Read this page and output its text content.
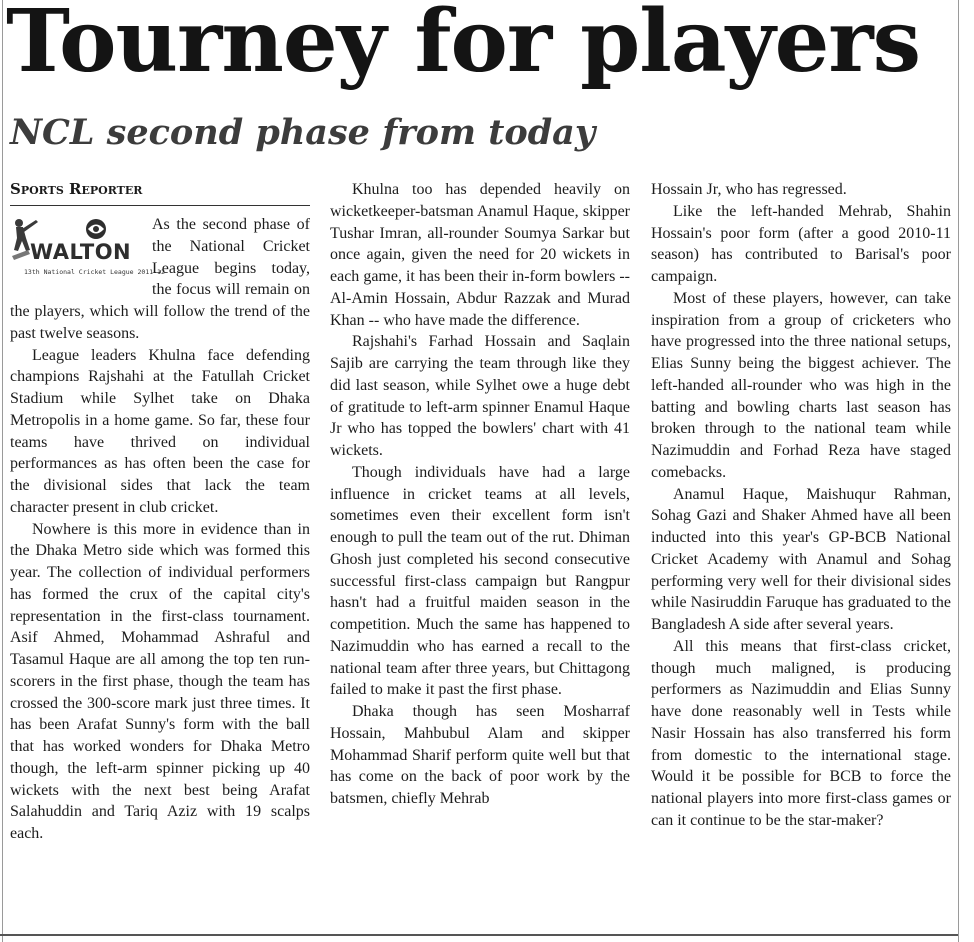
Tourney for players
NCL second phase from today
Sports Reporter
WALTON
13th National Cricket League 2011-12

As the second phase of the National Cricket League begins today, the focus will remain on the players, which will follow the trend of the past twelve seasons.

League leaders Khulna face defending champions Rajshahi at the Fatullah Cricket Stadium while Sylhet take on Dhaka Metropolis in a home game. So far, these four teams have thrived on individual performances as has often been the case for the divisional sides that lack the team character present in club cricket.

Nowhere is this more in evidence than in the Dhaka Metro side which was formed this year. The collection of individual performers has formed the crux of the capital city's representation in the first-class tournament. Asif Ahmed, Mohammad Ashraful and Tasamul Haque are all among the top ten run-scorers in the first phase, though the team has crossed the 300-score mark just three times. It has been Arafat Sunny's form with the ball that has worked wonders for Dhaka Metro though, the left-arm spinner picking up 40 wickets with the next best being Arafat Salahuddin and Tariq Aziz with 19 scalps each.

Khulna too has depended heavily on wicketkeeper-batsman Anamul Haque, skipper Tushar Imran, all-rounder Soumya Sarkar but once again, given the need for 20 wickets in each game, it has been their in-form bowlers -- Al-Amin Hossain, Abdur Razzak and Murad Khan -- who have made the difference.

Rajshahi's Farhad Hossain and Saqlain Sajib are carrying the team through like they did last season, while Sylhet owe a huge debt of gratitude to left-arm spinner Enamul Haque Jr who has topped the bowlers' chart with 41 wickets.

Though individuals have had a large influence in cricket teams at all levels, sometimes even their excellent form isn't enough to pull the team out of the rut. Dhiman Ghosh just completed his second consecutive successful first-class campaign but Rangpur hasn't had a fruitful maiden season in the competition. Much the same has happened to Nazimuddin who has earned a recall to the national team after three years, but Chittagong failed to make it past the first phase.

Dhaka though has seen Mosharraf Hossain, Mahbubul Alam and skipper Mohammad Sharif perform quite well but that has come on the back of poor work by the batsmen, chiefly Mehrab

Hossain Jr, who has regressed.

Like the left-handed Mehrab, Shahin Hossain's poor form (after a good 2010-11 season) has contributed to Barisal's poor campaign.

Most of these players, however, can take inspiration from a group of cricketers who have progressed into the three national setups, Elias Sunny being the biggest achiever. The left-handed all-rounder who was high in the batting and bowling charts last season has broken through to the national team while Nazimuddin and Forhad Reza have staged comebacks.

Anamul Haque, Maishuqur Rahman, Sohag Gazi and Shaker Ahmed have all been inducted into this year's GP-BCB National Cricket Academy with Anamul and Sohag performing very well for their divisional sides while Nasiruddin Faruque has graduated to the Bangladesh A side after several years.

All this means that first-class cricket, though much maligned, is producing performers as Nazimuddin and Elias Sunny have done reasonably well in Tests while Nasir Hossain has also transferred his form from domestic to the international stage. Would it be possible for BCB to force the national players into more first-class games or can it continue to be the star-maker?
